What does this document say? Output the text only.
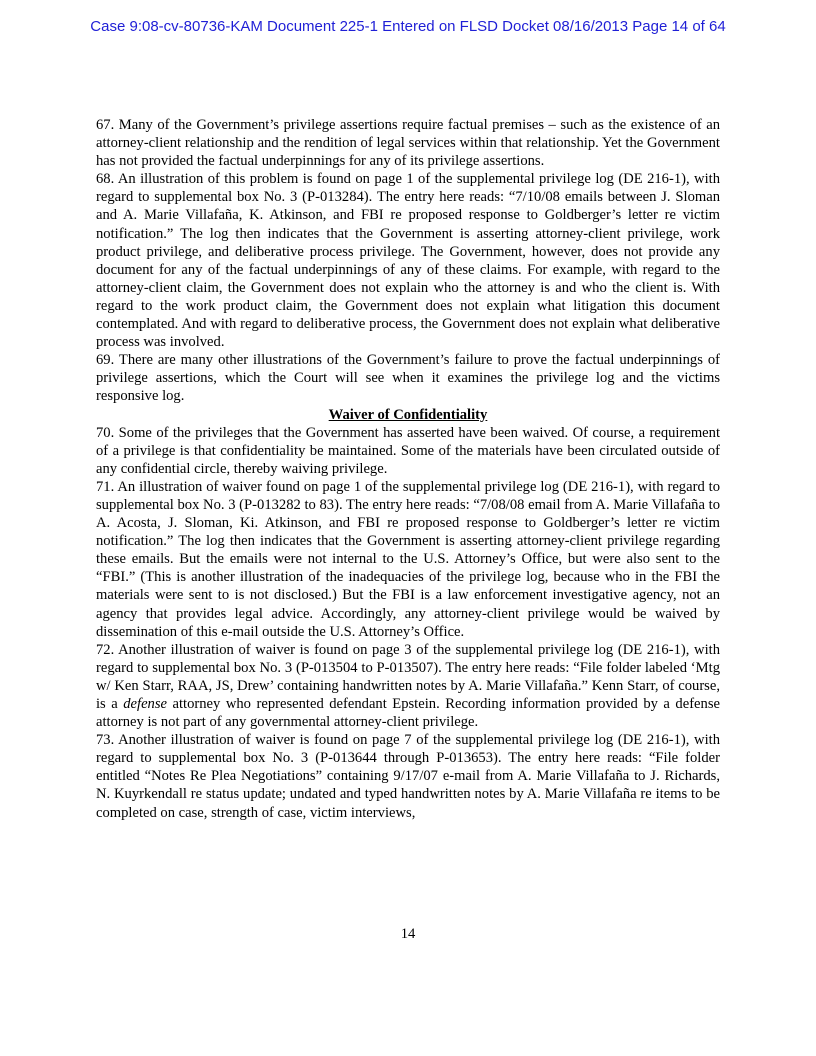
Case 9:08-cv-80736-KAM Document 225-1 Entered on FLSD Docket 08/16/2013 Page 14 of 64

67. Many of the Government’s privilege assertions require factual premises – such as the existence of an attorney-client relationship and the rendition of legal services within that relationship. Yet the Government has not provided the factual underpinnings for any of its privilege assertions.

68. An illustration of this problem is found on page 1 of the supplemental privilege log (DE 216-1), with regard to supplemental box No. 3 (P-013284). The entry here reads: “7/10/08 emails between J. Sloman and A. Marie Villafaña, K. Atkinson, and FBI re proposed response to Goldberger’s letter re victim notification.” The log then indicates that the Government is asserting attorney-client privilege, work product privilege, and deliberative process privilege. The Government, however, does not provide any document for any of the factual underpinnings of any of these claims. For example, with regard to the attorney-client claim, the Government does not explain who the attorney is and who the client is. With regard to the work product claim, the Government does not explain what litigation this document contemplated. And with regard to deliberative process, the Government does not explain what deliberative process was involved.

69. There are many other illustrations of the Government’s failure to prove the factual underpinnings of privilege assertions, which the Court will see when it examines the privilege log and the victims responsive log.

Waiver of Confidentiality

70. Some of the privileges that the Government has asserted have been waived. Of course, a requirement of a privilege is that confidentiality be maintained. Some of the materials have been circulated outside of any confidential circle, thereby waiving privilege.

71. An illustration of waiver found on page 1 of the supplemental privilege log (DE 216-1), with regard to supplemental box No. 3 (P-013282 to 83). The entry here reads: “7/08/08 email from A. Marie Villafaña to A. Acosta, J. Sloman, Ki. Atkinson, and FBI re proposed response to Goldberger’s letter re victim notification.” The log then indicates that the Government is asserting attorney-client privilege regarding these emails. But the emails were not internal to the U.S. Attorney’s Office, but were also sent to the “FBI.” (This is another illustration of the inadequacies of the privilege log, because who in the FBI the materials were sent to is not disclosed.) But the FBI is a law enforcement investigative agency, not an agency that provides legal advice. Accordingly, any attorney-client privilege would be waived by dissemination of this e-mail outside the U.S. Attorney’s Office.

72. Another illustration of waiver is found on page 3 of the supplemental privilege log (DE 216-1), with regard to supplemental box No. 3 (P-013504 to P-013507). The entry here reads: “File folder labeled ‘Mtg w/ Ken Starr, RAA, JS, Drew’ containing handwritten notes by A. Marie Villafaña.” Kenn Starr, of course, is a defense attorney who represented defendant Epstein. Recording information provided by a defense attorney is not part of any governmental attorney-client privilege.

73. Another illustration of waiver is found on page 7 of the supplemental privilege log (DE 216-1), with regard to supplemental box No. 3 (P-013644 through P-013653). The entry here reads: “File folder entitled “Notes Re Plea Negotiations” containing 9/17/07 e-mail from A. Marie Villafaña to J. Richards, N. Kuyrkendall re status update; undated and typed handwritten notes by A. Marie Villafaña re items to be completed on case, strength of case, victim interviews,

14
